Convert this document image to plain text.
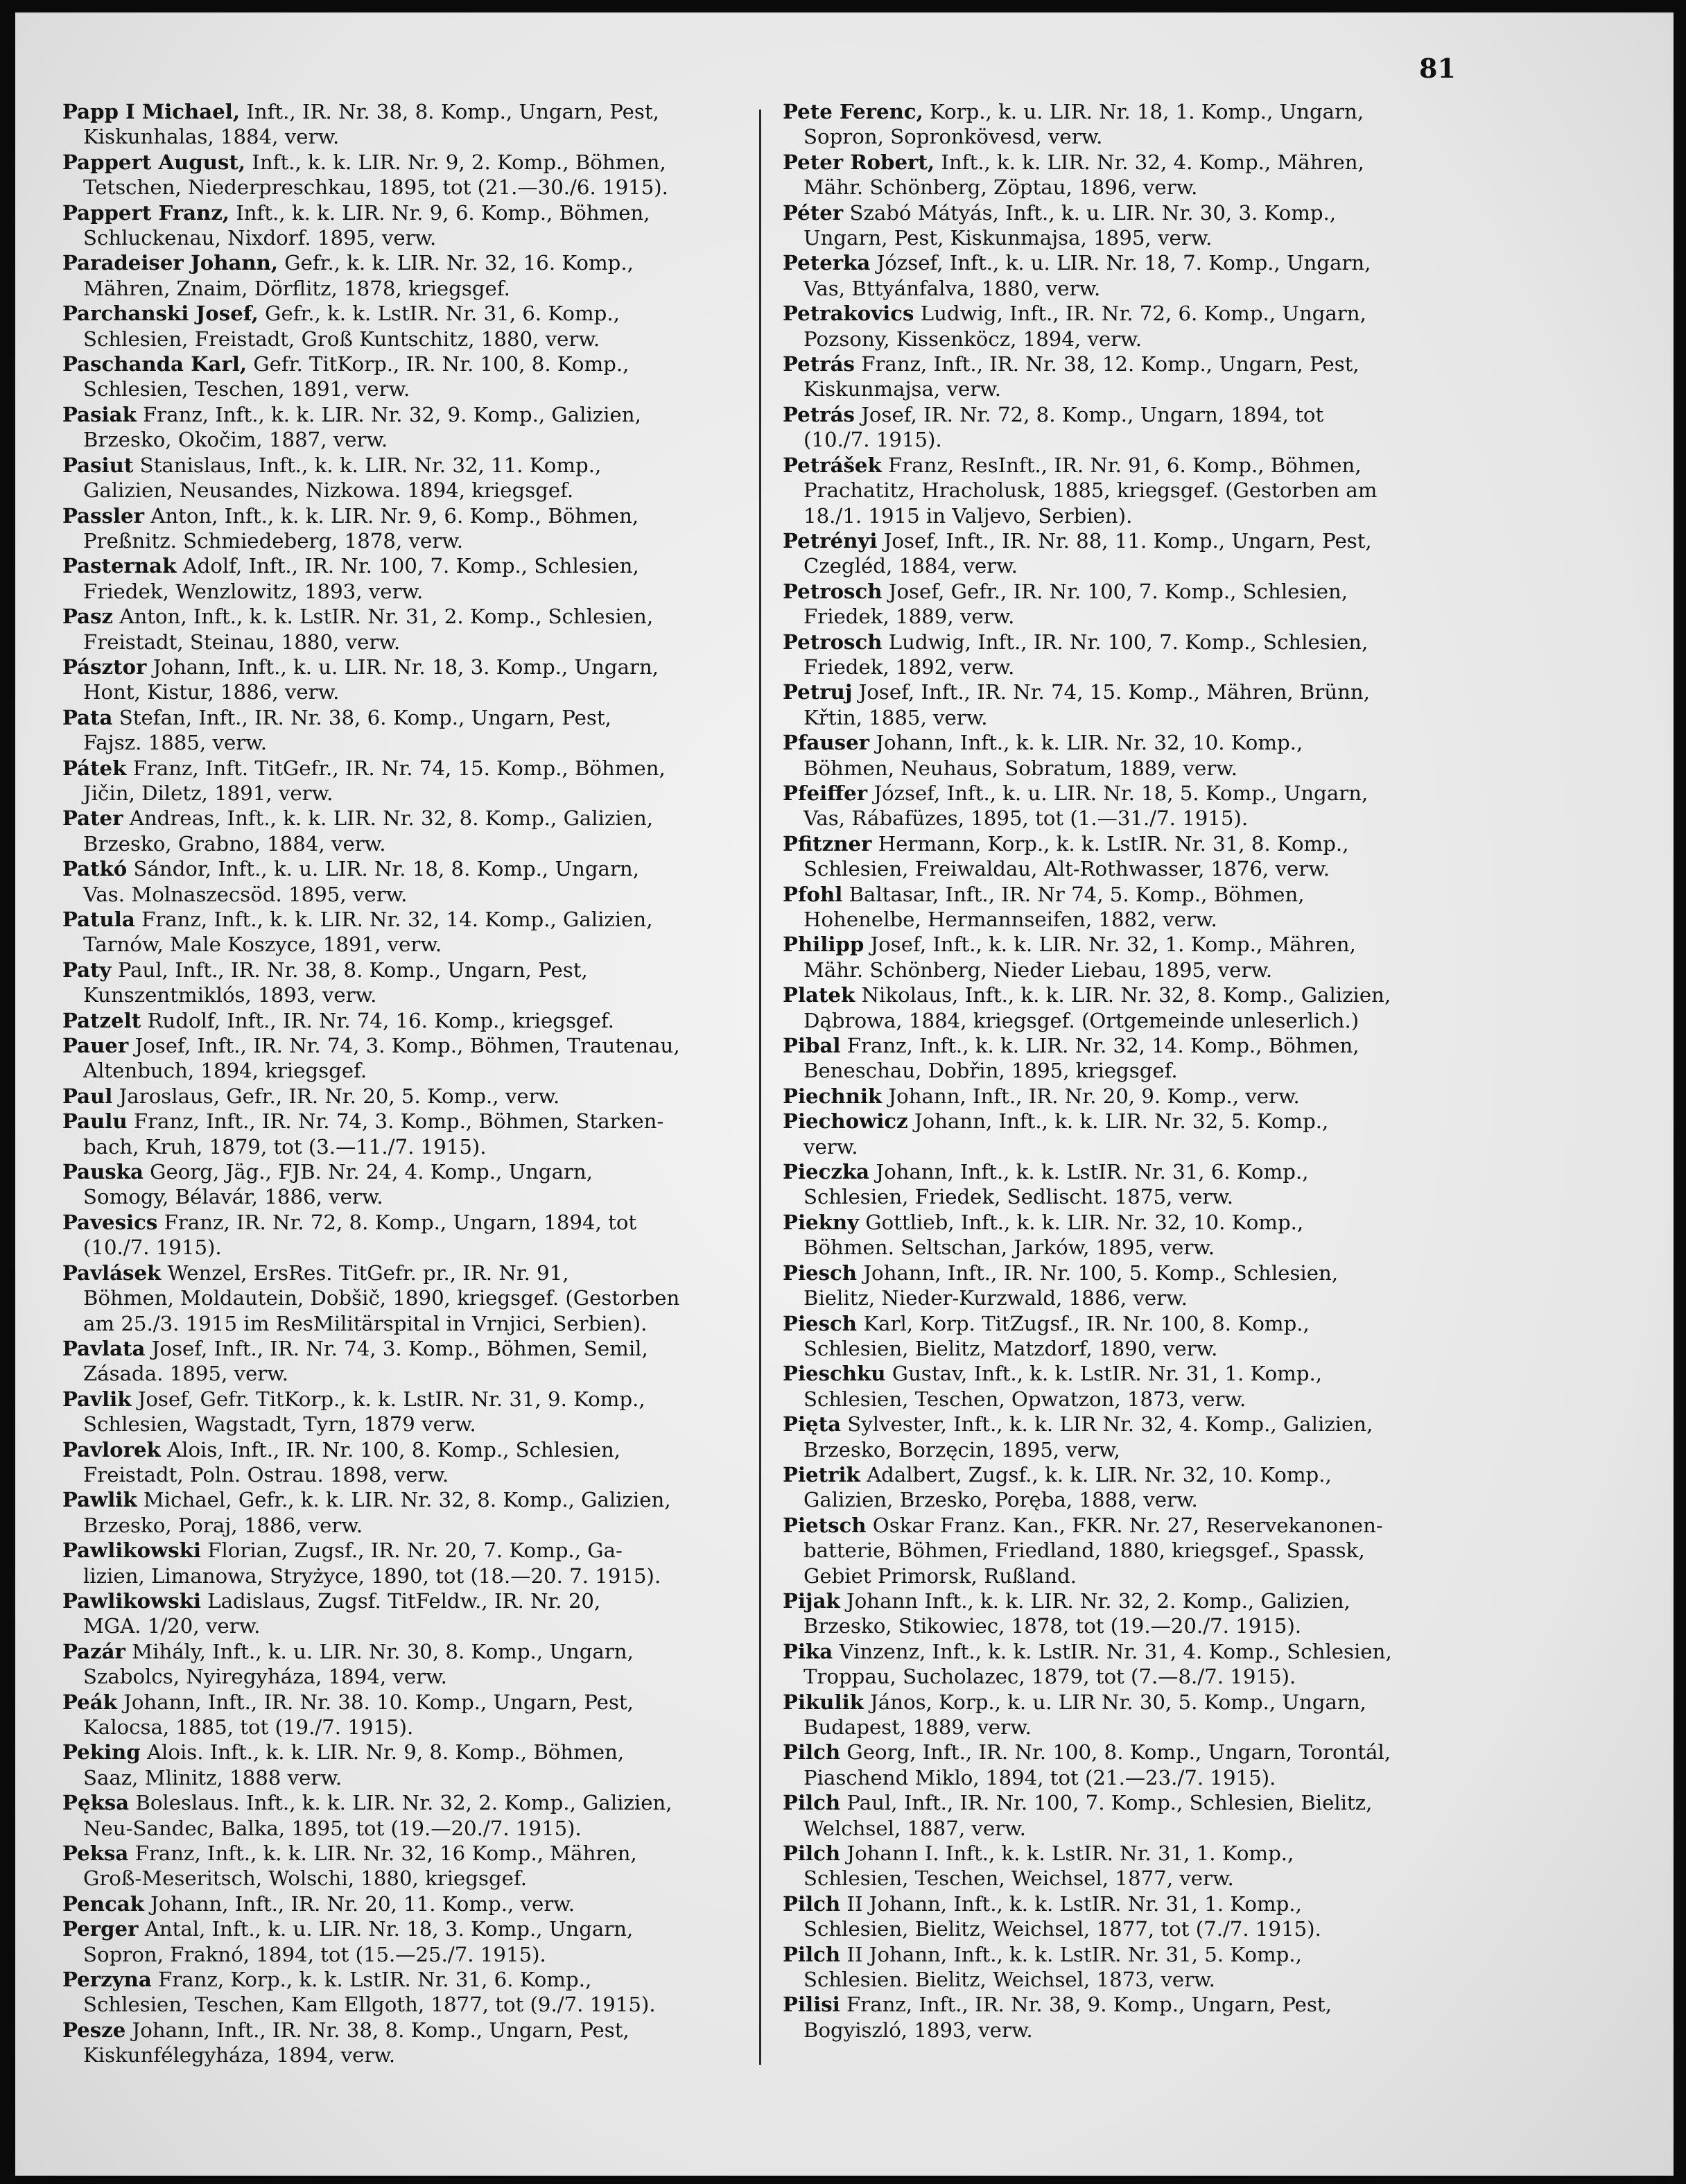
81
Papp I Michael, Inft., IR. Nr. 38, 8. Komp., Ungarn, Pest,
Kiskunhalas, 1884, verw.
Pappert August, Inft., k. k. LIR. Nr. 9, 2. Komp., Böhmen,
Tetschen, Niederpreschkau, 1895, tot (21.—30./6. 1915).
Pappert Franz, Inft., k. k. LIR. Nr. 9, 6. Komp., Böhmen,
Schluckenau, Nixdorf. 1895, verw.
Paradeiser Johann, Gefr., k. k. LIR. Nr. 32, 16. Komp.,
Mähren, Znaim, Dörflitz, 1878, kriegsgef.
Parchanski Josef, Gefr., k. k. LstIR. Nr. 31, 6. Komp.,
Schlesien, Freistadt, Groß Kuntschitz, 1880, verw.
Paschanda Karl, Gefr. TitKorp., IR. Nr. 100, 8. Komp.,
Schlesien, Teschen, 1891, verw.
Pasiak Franz, Inft., k. k. LIR. Nr. 32, 9. Komp., Galizien,
Brzesko, Okočim, 1887, verw.
Pasiut Stanislaus, Inft., k. k. LIR. Nr. 32, 11. Komp.,
Galizien, Neusandes, Nizkowa. 1894, kriegsgef.
Passler Anton, Inft., k. k. LIR. Nr. 9, 6. Komp., Böhmen,
Preßnitz. Schmiedeberg, 1878, verw.
Pasternak Adolf, Inft., IR. Nr. 100, 7. Komp., Schlesien,
Friedek, Wenzlowitz, 1893, verw.
Pasz Anton, Inft., k. k. LstIR. Nr. 31, 2. Komp., Schlesien,
Freistadt, Steinau, 1880, verw.
Pásztor Johann, Inft., k. u. LIR. Nr. 18, 3. Komp., Ungarn,
Hont, Kistur, 1886, verw.
Pata Stefan, Inft., IR. Nr. 38, 6. Komp., Ungarn, Pest,
Fajsz. 1885, verw.
Pátek Franz, Inft. TitGefr., IR. Nr. 74, 15. Komp., Böhmen,
Jičin, Diletz, 1891, verw.
Pater Andreas, Inft., k. k. LIR. Nr. 32, 8. Komp., Galizien,
Brzesko, Grabno, 1884, verw.
Patkó Sándor, Inft., k. u. LIR. Nr. 18, 8. Komp., Ungarn,
Vas. Molnaszecsöd. 1895, verw.
Patula Franz, Inft., k. k. LIR. Nr. 32, 14. Komp., Galizien,
Tarnów, Male Koszyce, 1891, verw.
Paty Paul, Inft., IR. Nr. 38, 8. Komp., Ungarn, Pest,
Kunszentmiklós, 1893, verw.
Patzelt Rudolf, Inft., IR. Nr. 74, 16. Komp., kriegsgef.
Pauer Josef, Inft., IR. Nr. 74, 3. Komp., Böhmen, Trautenau,
Altenbuch, 1894, kriegsgef.
Paul Jaroslaus, Gefr., IR. Nr. 20, 5. Komp., verw.
Paulu Franz, Inft., IR. Nr. 74, 3. Komp., Böhmen, Starken-
bach, Kruh, 1879, tot (3.—11./7. 1915).
Pauska Georg, Jäg., FJB. Nr. 24, 4. Komp., Ungarn,
Somogy, Bélavár, 1886, verw.
Pavesics Franz, IR. Nr. 72, 8. Komp., Ungarn, 1894, tot
(10./7. 1915).
Pavlásek Wenzel, ErsRes. TitGefr. pr., IR. Nr. 91,
Böhmen, Moldautein, Dobšič, 1890, kriegsgef. (Gestorben
am 25./3. 1915 im ResMilitärspital in Vrnjici, Serbien).
Pavlata Josef, Inft., IR. Nr. 74, 3. Komp., Böhmen, Semil,
Zásada. 1895, verw.
Pavlik Josef, Gefr. TitKorp., k. k. LstIR. Nr. 31, 9. Komp.,
Schlesien, Wagstadt, Tyrn, 1879 verw.
Pavlorek Alois, Inft., IR. Nr. 100, 8. Komp., Schlesien,
Freistadt, Poln. Ostrau. 1898, verw.
Pawlik Michael, Gefr., k. k. LIR. Nr. 32, 8. Komp., Galizien,
Brzesko, Poraj, 1886, verw.
Pawlikowski Florian, Zugsf., IR. Nr. 20, 7. Komp., Ga-
lizien, Limanowa, Stryżyce, 1890, tot (18.—20. 7. 1915).
Pawlikowski Ladislaus, Zugsf. TitFeldw., IR. Nr. 20,
MGA. 1/20, verw.
Pazár Mihály, Inft., k. u. LIR. Nr. 30, 8. Komp., Ungarn,
Szabolcs, Nyiregyháza, 1894, verw.
Peák Johann, Inft., IR. Nr. 38. 10. Komp., Ungarn, Pest,
Kalocsa, 1885, tot (19./7. 1915).
Peking Alois. Inft., k. k. LIR. Nr. 9, 8. Komp., Böhmen,
Saaz, Mlinitz, 1888 verw.
Pęksa Boleslaus. Inft., k. k. LIR. Nr. 32, 2. Komp., Galizien,
Neu-Sandec, Balka, 1895, tot (19.—20./7. 1915).
Peksa Franz, Inft., k. k. LIR. Nr. 32, 16 Komp., Mähren,
Groß-Meseritsch, Wolschi, 1880, kriegsgef.
Pencak Johann, Inft., IR. Nr. 20, 11. Komp., verw.
Perger Antal, Inft., k. u. LIR. Nr. 18, 3. Komp., Ungarn,
Sopron, Fraknó, 1894, tot (15.—25./7. 1915).
Perzyna Franz, Korp., k. k. LstIR. Nr. 31, 6. Komp.,
Schlesien, Teschen, Kam Ellgoth, 1877, tot (9./7. 1915).
Pesze Johann, Inft., IR. Nr. 38, 8. Komp., Ungarn, Pest,
Kiskunfélegyháza, 1894, verw.
Pete Ferenc, Korp., k. u. LIR. Nr. 18, 1. Komp., Ungarn,
Sopron, Sopronkövesd, verw.
Peter Robert, Inft., k. k. LIR. Nr. 32, 4. Komp., Mähren,
Mähr. Schönberg, Zöptau, 1896, verw.
Péter Szabó Mátyás, Inft., k. u. LIR. Nr. 30, 3. Komp.,
Ungarn, Pest, Kiskunmajsa, 1895, verw.
Peterka József, Inft., k. u. LIR. Nr. 18, 7. Komp., Ungarn,
Vas, Bttyánfalva, 1880, verw.
Petrakovics Ludwig, Inft., IR. Nr. 72, 6. Komp., Ungarn,
Pozsony, Kissenköcz, 1894, verw.
Petrás Franz, Inft., IR. Nr. 38, 12. Komp., Ungarn, Pest,
Kiskunmajsa, verw.
Petrás Josef, IR. Nr. 72, 8. Komp., Ungarn, 1894, tot
(10./7. 1915).
Petrášek Franz, ResInft., IR. Nr. 91, 6. Komp., Böhmen,
Prachatitz, Hracholusk, 1885, kriegsgef. (Gestorben am
18./1. 1915 in Valjevo, Serbien).
Petrényi Josef, Inft., IR. Nr. 88, 11. Komp., Ungarn, Pest,
Czegléd, 1884, verw.
Petrosch Josef, Gefr., IR. Nr. 100, 7. Komp., Schlesien,
Friedek, 1889, verw.
Petrosch Ludwig, Inft., IR. Nr. 100, 7. Komp., Schlesien,
Friedek, 1892, verw.
Petruj Josef, Inft., IR. Nr. 74, 15. Komp., Mähren, Brünn,
Křtin, 1885, verw.
Pfauser Johann, Inft., k. k. LIR. Nr. 32, 10. Komp.,
Böhmen, Neuhaus, Sobratum, 1889, verw.
Pfeiffer József, Inft., k. u. LIR. Nr. 18, 5. Komp., Ungarn,
Vas, Rábafüzes, 1895, tot (1.—31./7. 1915).
Pfitzner Hermann, Korp., k. k. LstIR. Nr. 31, 8. Komp.,
Schlesien, Freiwaldau, Alt-Rothwasser, 1876, verw.
Pfohl Baltasar, Inft., IR. Nr 74, 5. Komp., Böhmen,
Hohenelbe, Hermannseifen, 1882, verw.
Philipp Josef, Inft., k. k. LIR. Nr. 32, 1. Komp., Mähren,
Mähr. Schönberg, Nieder Liebau, 1895, verw.
Platek Nikolaus, Inft., k. k. LIR. Nr. 32, 8. Komp., Galizien,
Dąbrowa, 1884, kriegsgef. (Ortgemeinde unleserlich.)
Pibal Franz, Inft., k. k. LIR. Nr. 32, 14. Komp., Böhmen,
Beneschau, Dobřin, 1895, kriegsgef.
Piechnik Johann, Inft., IR. Nr. 20, 9. Komp., verw.
Piechowicz Johann, Inft., k. k. LIR. Nr. 32, 5. Komp.,
verw.
Pieczka Johann, Inft., k. k. LstIR. Nr. 31, 6. Komp.,
Schlesien, Friedek, Sedlischt. 1875, verw.
Piekny Gottlieb, Inft., k. k. LIR. Nr. 32, 10. Komp.,
Böhmen. Seltschan, Jarków, 1895, verw.
Piesch Johann, Inft., IR. Nr. 100, 5. Komp., Schlesien,
Bielitz, Nieder-Kurzwald, 1886, verw.
Piesch Karl, Korp. TitZugsf., IR. Nr. 100, 8. Komp.,
Schlesien, Bielitz, Matzdorf, 1890, verw.
Pieschku Gustav, Inft., k. k. LstIR. Nr. 31, 1. Komp.,
Schlesien, Teschen, Opwatzon, 1873, verw.
Pięta Sylvester, Inft., k. k. LIR Nr. 32, 4. Komp., Galizien,
Brzesko, Borzęcin, 1895, verw,
Pietrik Adalbert, Zugsf., k. k. LIR. Nr. 32, 10. Komp.,
Galizien, Brzesko, Poręba, 1888, verw.
Pietsch Oskar Franz. Kan., FKR. Nr. 27, Reservekanonen-
batterie, Böhmen, Friedland, 1880, kriegsgef., Spassk,
Gebiet Primorsk, Rußland.
Pijak Johann Inft., k. k. LIR. Nr. 32, 2. Komp., Galizien,
Brzesko, Stikowiec, 1878, tot (19.—20./7. 1915).
Pika Vinzenz, Inft., k. k. LstIR. Nr. 31, 4. Komp., Schlesien,
Troppau, Sucholazec, 1879, tot (7.—8./7. 1915).
Pikulik János, Korp., k. u. LIR Nr. 30, 5. Komp., Ungarn,
Budapest, 1889, verw.
Pilch Georg, Inft., IR. Nr. 100, 8. Komp., Ungarn, Torontál,
Piaschend Miklo, 1894, tot (21.—23./7. 1915).
Pilch Paul, Inft., IR. Nr. 100, 7. Komp., Schlesien, Bielitz,
Welchsel, 1887, verw.
Pilch Johann I. Inft., k. k. LstIR. Nr. 31, 1. Komp.,
Schlesien, Teschen, Weichsel, 1877, verw.
Pilch II Johann, Inft., k. k. LstIR. Nr. 31, 1. Komp.,
Schlesien, Bielitz, Weichsel, 1877, tot (7./7. 1915).
Pilch II Johann, Inft., k. k. LstIR. Nr. 31, 5. Komp.,
Schlesien. Bielitz, Weichsel, 1873, verw.
Pilisi Franz, Inft., IR. Nr. 38, 9. Komp., Ungarn, Pest,
Bogyiszló, 1893, verw.
